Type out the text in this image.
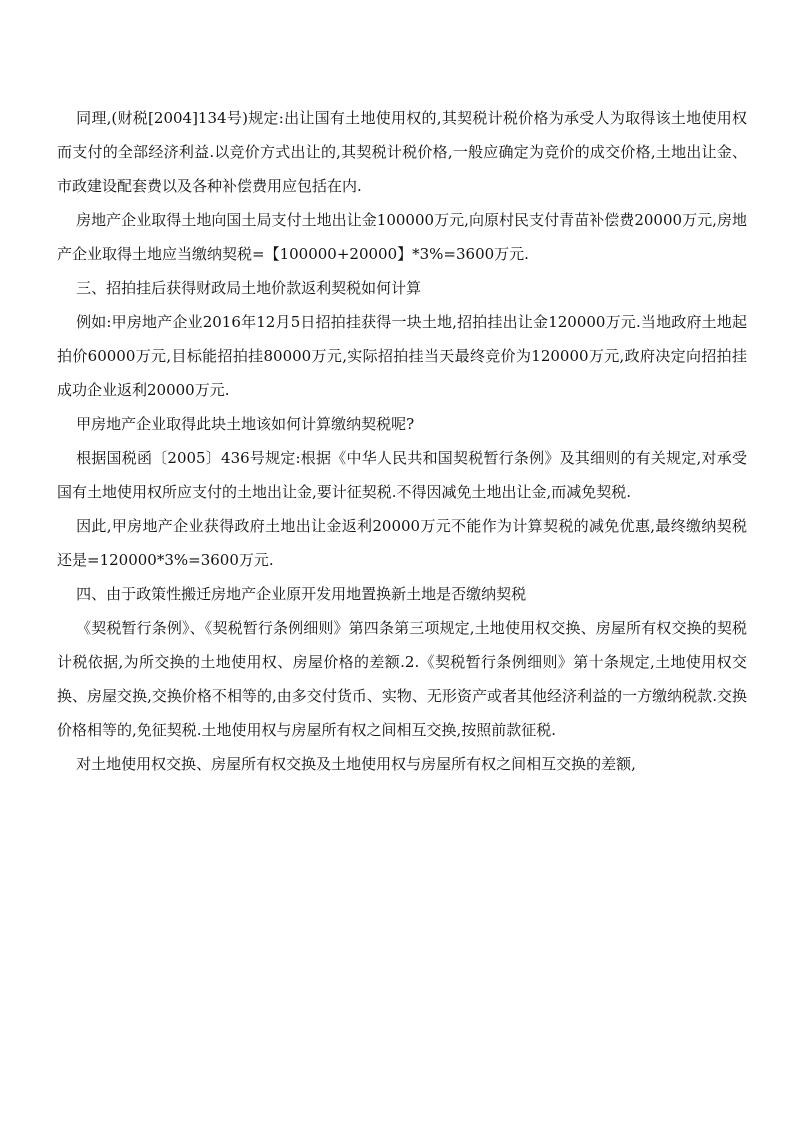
同理,(财税[2004]134号)规定:出让国有土地使用权的,其契税计税价格为承受人为取得该土地使用权而支付的全部经济利益.以竞价方式出让的,其契税计税价格,一般应确定为竞价的成交价格,土地出让金、市政建设配套费以及各种补偿费用应包括在内.

房地产企业取得土地向国土局支付土地出让金100000万元,向原村民支付青苗补偿费20000万元,房地产企业取得土地应当缴纳契税=【100000+20000】*3%=3600万元.

三、招拍挂后获得财政局土地价款返利契税如何计算

例如:甲房地产企业2016年12月5日招拍挂获得一块土地,招拍挂出让金120000万元.当地政府土地起拍价60000万元,目标能招拍挂80000万元,实际招拍挂当天最终竞价为120000万元,政府决定向招拍挂成功企业返利20000万元.

甲房地产企业取得此块土地该如何计算缴纳契税呢?

根据国税函〔2005〕436号规定:根据《中华人民共和国契税暂行条例》及其细则的有关规定,对承受国有土地使用权所应支付的土地出让金,要计征契税.不得因减免土地出让金,而减免契税.

因此,甲房地产企业获得政府土地出让金返利20000万元不能作为计算契税的减免优惠,最终缴纳契税还是=120000*3%=3600万元.

四、由于政策性搬迁房地产企业原开发用地置换新土地是否缴纳契税

《契税暂行条例》、《契税暂行条例细则》第四条第三项规定,土地使用权交换、房屋所有权交换的契税计税依据,为所交换的土地使用权、房屋价格的差额.2.《契税暂行条例细则》第十条规定,土地使用权交换、房屋交换,交换价格不相等的,由多交付货币、实物、无形资产或者其他经济利益的一方缴纳税款.交换价格相等的,免征契税.土地使用权与房屋所有权之间相互交换,按照前款征税.

对土地使用权交换、房屋所有权交换及土地使用权与房屋所有权之间相互交换的差额,
